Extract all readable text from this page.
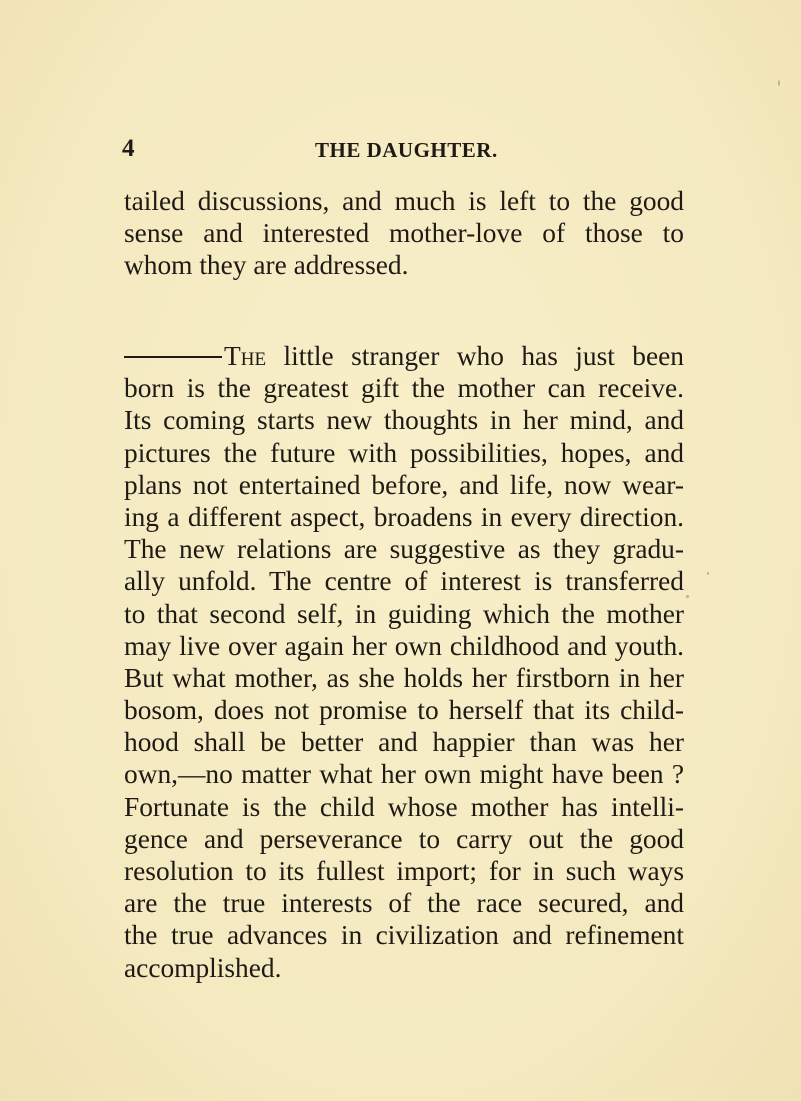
4	THE DAUGHTER.
tailed discussions, and much is left to the good
sense and interested mother-love of those to
whom they are addressed.
The little stranger who has just been
born is the greatest gift the mother can receive.
Its coming starts new thoughts in her mind, and
pictures the future with possibilities, hopes, and
plans not entertained before, and life, now wear-
ing a different aspect, broadens in every direction.
The new relations are suggestive as they gradu-
ally unfold. The centre of interest is transferred
to that second self, in guiding which the mother
may live over again her own childhood and youth.
But what mother, as she holds her firstborn in her
bosom, does not promise to herself that its child-
hood shall be better and happier than was her
own,—no matter what her own might have been ?
Fortunate is the child whose mother has intelli-
gence and perseverance to carry out the good
resolution to its fullest import; for in such ways
are the true interests of the race secured, and
the true advances in civilization and refinement
accomplished.
